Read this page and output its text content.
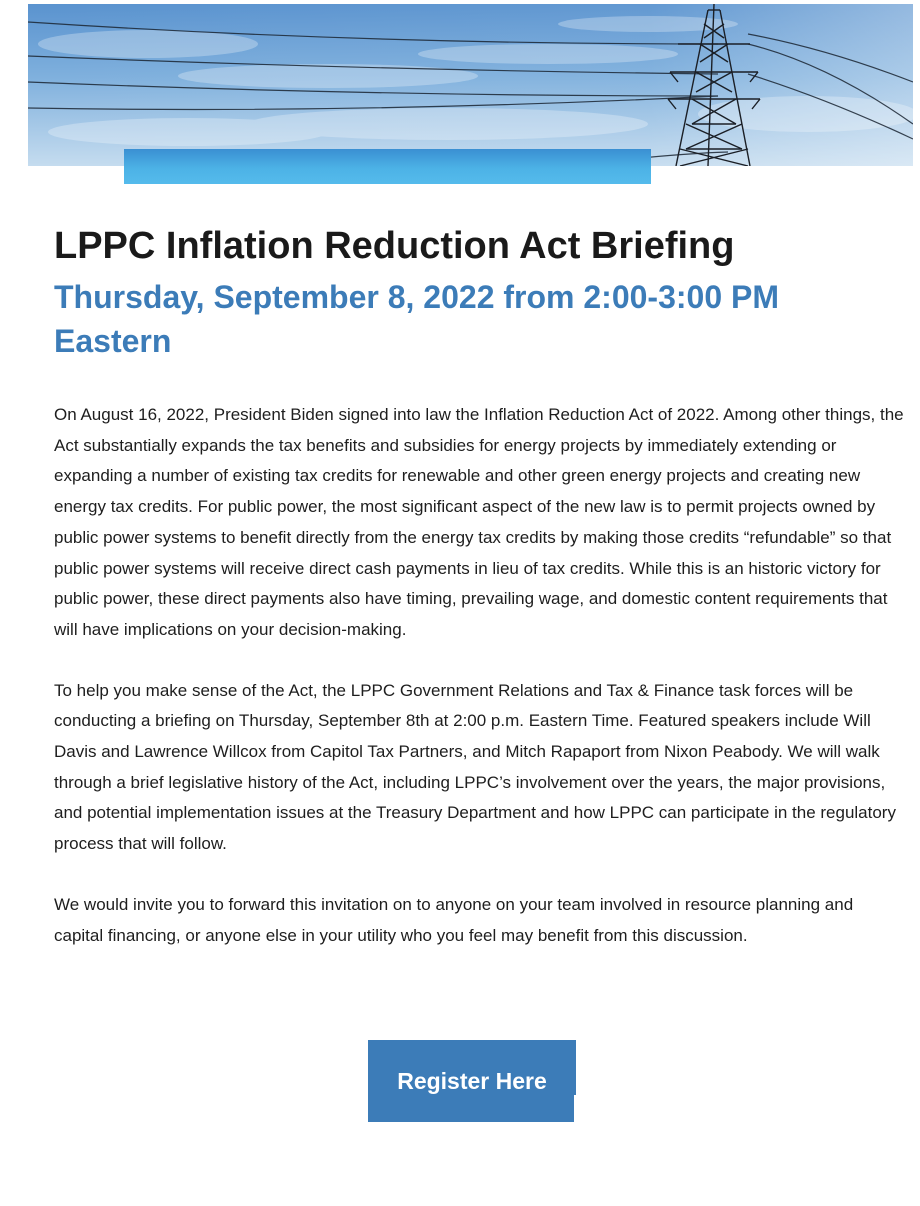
LPPC Inflation Reduction Act Briefing
Thursday, September 8, 2022 from 2:00-3:00 PM Eastern

On August 16, 2022, President Biden signed into law the Inflation Reduction Act of 2022. Among other things, the Act substantially expands the tax benefits and subsidies for energy projects by immediately extending or expanding a number of existing tax credits for renewable and other green energy projects and creating new energy tax credits. For public power, the most significant aspect of the new law is to permit projects owned by public power systems to benefit directly from the energy tax credits by making those credits “refundable” so that public power systems will receive direct cash payments in lieu of tax credits. While this is an historic victory for public power, these direct payments also have timing, prevailing wage, and domestic content requirements that will have implications on your decision-making.

To help you make sense of the Act, the LPPC Government Relations and Tax & Finance task forces will be conducting a briefing on Thursday, September 8th at 2:00 p.m. Eastern Time. Featured speakers include Will Davis and Lawrence Willcox from Capitol Tax Partners, and Mitch Rapaport from Nixon Peabody. We will walk through a brief legislative history of the Act, including LPPC’s involvement over the years, the major provisions, and potential implementation issues at the Treasury Department and how LPPC can participate in the regulatory process that will follow.

We would invite you to forward this invitation on to anyone on your team involved in resource planning and capital financing, or anyone else in your utility who you feel may benefit from this discussion.

Register Here
